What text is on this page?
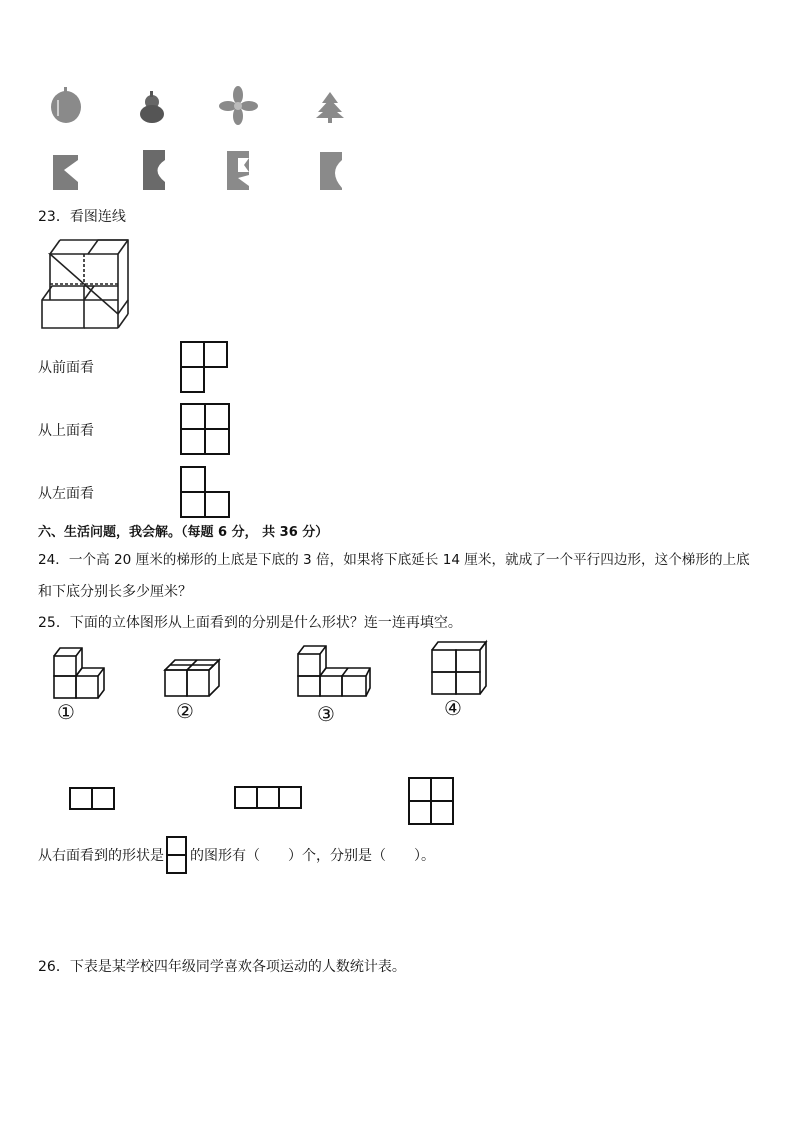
23．看图连线
从前面看
从上面看
从左面看
六、生活问题，我会解。（每题 6 分， 共 36 分）
24．一个高 20 厘米的梯形的上底是下底的 3 倍，如果将下底延长 14 厘米，就成了一个平行四边形，这个梯形的上底
和下底分别长多少厘米？
25．下面的立体图形从上面看到的分别是什么形状？连一连再填空。
①	②	③	④
从右面看到的形状是 的图形有（　　）个，分别是（　　）。
26．下表是某学校四年级同学喜欢各项运动的人数统计表。
